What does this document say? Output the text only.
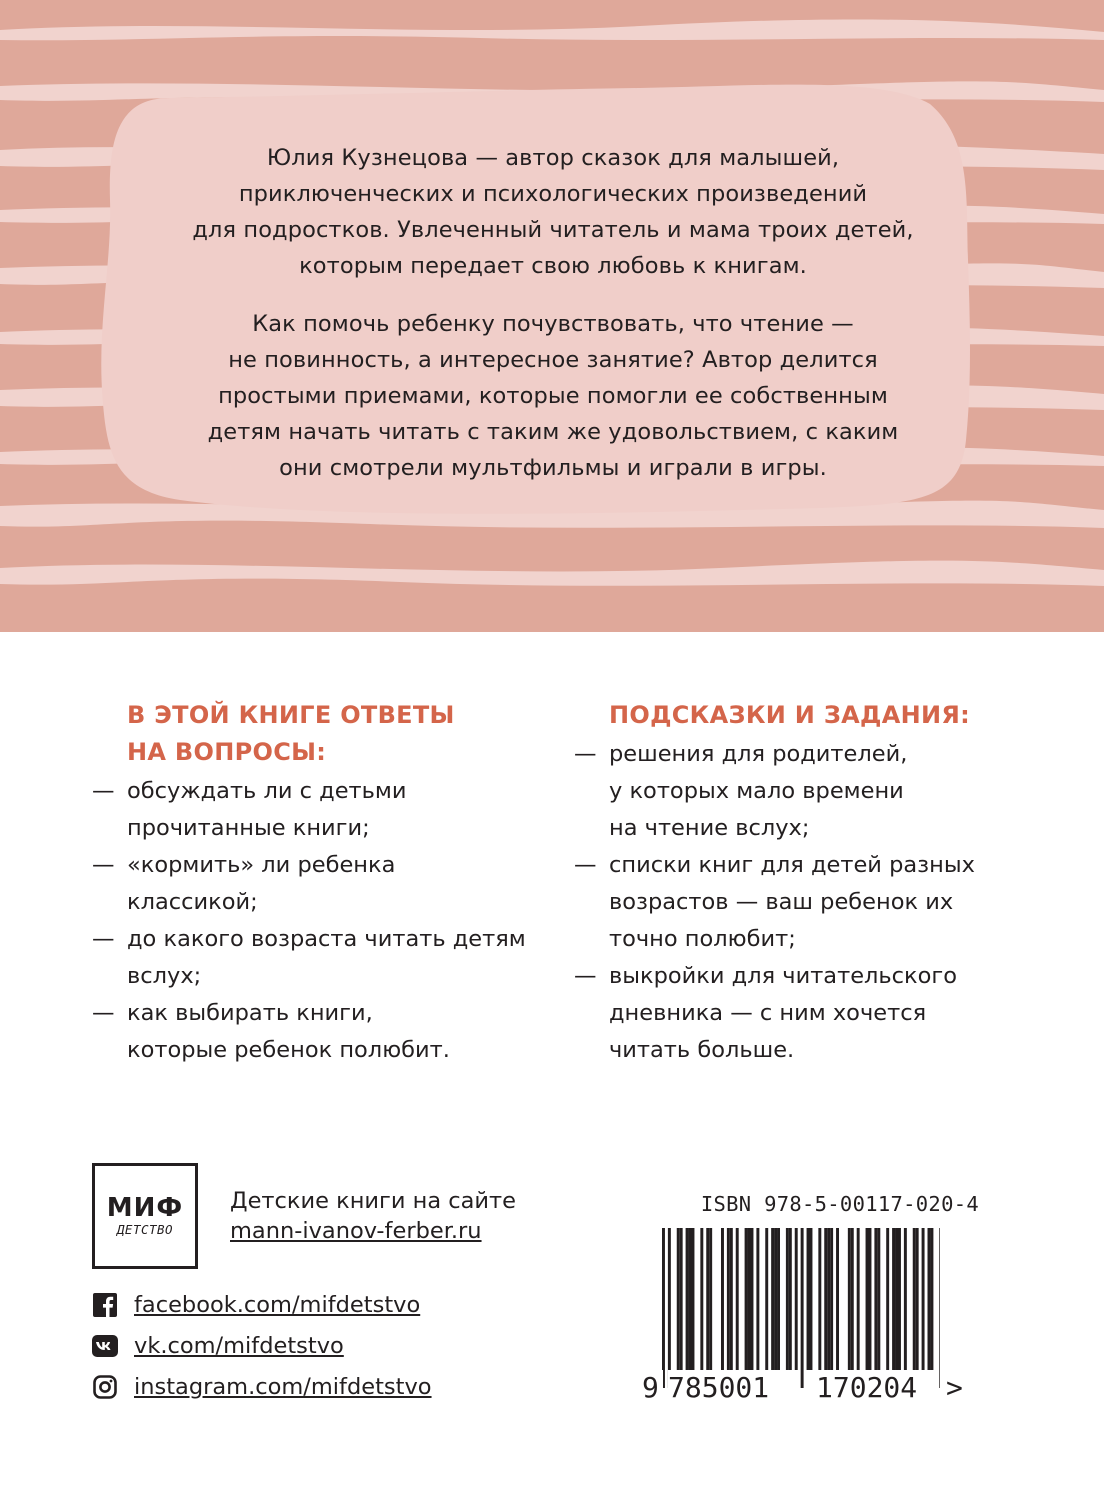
Юлия Кузнецова — автор сказок для малышей,
приключенческих и психологических произведений
для подростков. Увлеченный читатель и мама троих детей,
которым передает свою любовь к книгам.

Как помочь ребенку почувствовать, что чтение —
не повинность, а интересное занятие? Автор делится
простыми приемами, которые помогли ее собственным
детям начать читать с таким же удовольствием, с каким
они смотрели мультфильмы и играли в игры.

В ЭТОЙ КНИГЕ ОТВЕТЫ
НА ВОПРОСЫ:
— обсуждать ли с детьми
прочитанные книги;
— «кормить» ли ребенка
классикой;
— до какого возраста читать детям
вслух;
— как выбирать книги,
которые ребенок полюбит.
ПОДСКАЗКИ И ЗАДАНИЯ:
— решения для родителей,
у которых мало времени
на чтение вслух;
— списки книг для детей разных
возрастов — ваш ребенок их
точно полюбит;
— выкройки для читательского
дневника — с ним хочется
читать больше.
МИФ
ДЕТСТВО
Детские книги на сайте
mann-ivanov-ferber.ru
facebook.com/mifdetstvo
vk.com/mifdetstvo
instagram.com/mifdetstvo
ISBN 978-5-00117-020-4
9 785001 170204 >
